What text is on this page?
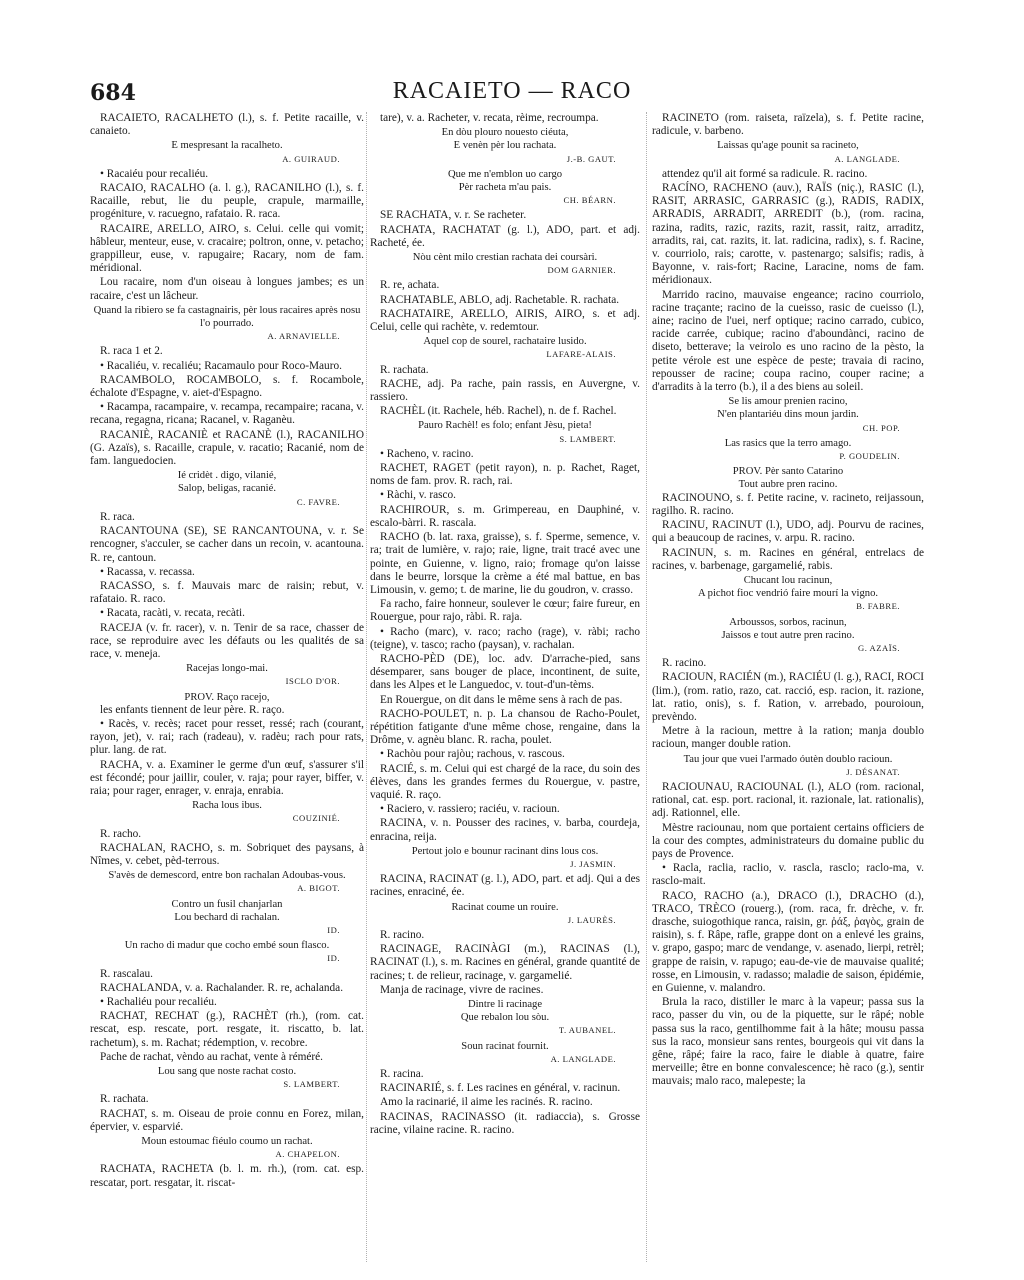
684	RACAIETO — RACO

RACAIETO, RACALHETO (l.), s. f. Petite racaille, v. canaieto.

E mespresant la racalheto.

A. GUIRAUD.

• Racaiéu pour recaliéu.

RACAIO, RACALHO (a. l. g.), RACANILHO (l.), s. f. Racaille, rebut, lie du peuple, crapule, marmaille, progéniture, v. racuegno, rafataio. R. raca.

RACAIRE, ARELLO, AIRO, s. Celui. celle qui vomit; hâbleur, menteur, euse, v. cracaire; poltron, onne, v. petacho; grappilleur, euse, v. rapugaire; Racary, nom de fam. méridional.

Lou racaire, nom d'un oiseau à longues jambes; es un racaire, c'est un lâcheur.

Quand la ribiero se fa castagnairis, pèr lous racaires après nosu l'o pourrado.

A. ARNAVIELLE.

R. raca 1 et 2.

• Racaliéu, v. recaliéu; Racamaulo pour Roco-Mauro.

RACAMBOLO, ROCAMBOLO, s. f. Rocambole, échalote d'Espagne, v. aiet-d'Espagno.

• Racampa, racampaire, v. recampa, recampaire; racana, v. recana, regagna, ricana; Racanel, v. Raganèu.

RACANIÈ, RACANIÈ et RACANÈ (l.), RACANILHO (G. Azaïs), s. Racaille, crapule, v. racatio; Racanié, nom de fam. languedocien.

Ié cridèt . digo, vilanié,

Salop, beligas, racanié.

C. FAVRE.

R. raca.

RACANTOUNA (SE), SE RANCANTOUNA, v. r. Se rencogner, s'acculer, se cacher dans un recoin, v. acantouna. R. re, cantoun.

• Racassa, v. recassa.

RACASSO, s. f. Mauvais marc de raisin; rebut, v. rafataio. R. raco.

• Racata, racàti, v. recata, recàti.

RACEJA (v. fr. racer), v. n. Tenir de sa race, chasser de race, se reproduire avec les défauts ou les qualités de sa race, v. meneja.

Racejas longo-mai.

ISCLO D'OR.

PROV. Raço racejo,

les enfants tiennent de leur père. R. raço.

• Racès, v. recès; racet pour resset, ressé; rach (courant, rayon, jet), v. rai; rach (radeau), v. radèu; rach pour rats, plur. lang. de rat.

RACHA, v. a. Examiner le germe d'un œuf, s'assurer s'il est fécondé; pour jaillir, couler, v. raja; pour rayer, biffer, v. raia; pour rager, enrager, v. enraja, enrabia.

Racha lous ibus.

COUZINIÉ.

R. racho.

RACHALAN, RACHO, s. m. Sobriquet des paysans, à Nîmes, v. cebet, pèd-terrous.

S'avès de demescord, entre bon rachalan Adoubas-vous.

A. BIGOT.

Contro un fusil chanjarlan

Lou bechard di rachalan.

ID.

Un racho di madur que cocho embé soun flasco.

ID.

R. rascalau.

RACHALANDA, v. a. Rachalander. R. re, achalanda.

• Rachaliéu pour recaliéu.

RACHAT, RECHAT (g.), RACHÈT (rh.), (rom. cat. rescat, esp. rescate, port. resgate, it. riscatto, b. lat. rachetum), s. m. Rachat; rédemption, v. recobre.

Pache de rachat, vèndo au rachat, vente à réméré.

Lou sang que noste rachat costo.

S. LAMBERT.

R. rachata.

RACHAT, s. m. Oiseau de proie connu en Forez, milan, épervier, v. esparvié.

Moun estoumac fiéulo coumo un rachat.

A. CHAPELON.

RACHATA, RACHETA (b. l. m. rh.), (rom. cat. esp. rescatar, port. resgatar, it. riscat-

tare), v. a. Racheter, v. recata, rèime, recroumpa.

En dòu plouro nouesto ciéuta,

E venèn pèr lou rachata.

J.-B. GAUT.

Que me n'emblon uo cargo

Pèr racheta m'au pais.

CH. BÉARN.

SE RACHATA, v. r. Se racheter.

RACHATA, RACHATAT (g. l.), ADO, part. et adj. Racheté, ée.

Nòu cènt milo crestian rachata dei coursàri.

DOM GARNIER.

R. re, achata.

RACHATABLE, ABLO, adj. Rachetable. R. rachata.

RACHATAIRE, ARELLO, AIRIS, AIRO, s. et adj. Celui, celle qui rachète, v. redemtour.

Aquel cop de sourel, rachataire lusido.

LAFARE-ALAIS.

R. rachata.

RACHE, adj. Pa rache, pain rassis, en Auvergne, v. rassiero.

RACHÈL (it. Rachele, héb. Rachel), n. de f. Rachel.

Pauro Rachèl! es folo; enfant Jèsu, pieta!

S. LAMBERT.

• Racheno, v. racino.

RACHET, RAGET (petit rayon), n. p. Rachet, Raget, noms de fam. prov. R. rach, rai.

• Ràchi, v. rasco.

RACHIROUR, s. m. Grimpereau, en Dauphiné, v. escalo-bàrri. R. rascala.

RACHO (b. lat. raxa, graisse), s. f. Sperme, semence, v. ra; trait de lumière, v. rajo; raie, ligne, trait tracé avec une pointe, en Guienne, v. ligno, raio; fromage qu'on laisse dans le beurre, lorsque la crème a été mal battue, en bas Limousin, v. gemo; t. de marine, lie du goudron, v. crasso.

Fa racho, faire honneur, soulever le cœur; faire fureur, en Rouergue, pour rajo, ràbi. R. raja.

• Racho (marc), v. raco; racho (rage), v. ràbi; racho (teigne), v. tasco; racho (paysan), v. rachalan.

RACHO-PÈD (DE), loc. adv. D'arrache-pied, sans désemparer, sans bouger de place, incontinent, de suite, dans les Alpes et le Languedoc, v. tout-d'un-tèms.

En Rouergue, on dit dans le même sens à rach de pas.

RACHO-POULET, n. p. La chansou de Racho-Poulet, répétition fatigante d'une même chose, rengaine, dans la Drôme, v. agnèu blanc. R. racha, poulet.

• Rachòu pour rajòu; rachous, v. rascous.

RACIÉ, s. m. Celui qui est chargé de la race, du soin des élèves, dans les grandes fermes du Rouergue, v. pastre, vaquié. R. raço.

• Raciero, v. rassiero; raciéu, v. racioun.

RACINA, v. n. Pousser des racines, v. barba, courdeja, enracina, reija.

Pertout jolo e bounur racinant dins lous cos.

J. JASMIN.

RACINA, RACINAT (g. l.), ADO, part. et adj. Qui a des racines, enraciné, ée.

Racinat coume un rouire.

J. LAURÈS.

R. racino.

RACINAGE, RACINÀGI (m.), RACINAS (l.), RACINAT (l.), s. m. Racines en général, grande quantité de racines; t. de relieur, racinage, v. gargamelié.

Manja de racinage, vivre de racines.

Dintre li racinage

Que rebalon lou sòu.

T. AUBANEL.

Soun racinat fournit.

A. LANGLADE.

R. racina.

RACINARIÉ, s. f. Les racines en général, v. racinun.

Amo la racinarié, il aime les racinés. R. racino.

RACINAS, RACINASSO (it. radiaccia), s. Grosse racine, vilaine racine. R. racino.

RACINETO (rom. raiseta, raïzela), s. f. Petite racine, radicule, v. barbeno.

Laissas qu'age pounit sa racineto,

A. LANGLADE.

attendez qu'il ait formé sa radicule. R. racino.

RACÍNO, RACHENO (auv.), RAÏS (niç.), RASIC (l.), RASIT, ARRASIC, GARRASIC (g.), RADIS, RADIX, ARRADIS, ARRADIT, ARREDIT (b.), (rom. racina, razina, radits, razic, razits, razit, rassit, raitz, arraditz, arradits, rai, cat. razits, it. lat. radicina, radix), s. f. Racine, v. courriolo, rais; carotte, v. pastenargo; salsifis; radis, à Bayonne, v. rais-fort; Racine, Laracine, noms de fam. méridionaux.

Marrido racino, mauvaise engeance; racino courriolo, racine traçante; racino de la cueisso, rasic de cueisso (l.), aine; racino de l'uei, nerf optique; racino carrado, cubico, racide carrée, cubique; racino d'aboundànci, racino de diseto, betterave; la veirolo es uno racino de la pèsto, la petite vérole est une espèce de peste; travaia di racino, repousser de racine; coupa racino, couper racine; a d'arradits à la terro (b.), il a des biens au soleil.

Se lis amour prenien racino,

N'en plantariéu dins moun jardin.

CH. POP.

Las rasics que la terro amago.

P. GOUDELIN.

PROV. Pèr santo Catarino

Tout aubre pren racino.

RACINOUNO, s. f. Petite racine, v. racineto, reijassoun, ragilho. R. racino.

RACINU, RACINUT (l.), UDO, adj. Pourvu de racines, qui a beaucoup de racines, v. arpu. R. racino.

RACINUN, s. m. Racines en général, entrelacs de racines, v. barbenage, gargamelié, rabis.

Chucant lou racinun,

A pichot fioc vendrió faire mourí la vigno.

B. FABRE.

Arboussos, sorbos, racinun,

Jaissos e tout autre pren racino.

G. AZAÏS.

R. racino.

RACIOUN, RACIÉN (m.), RACIÉU (l. g.), RACI, ROCI (lim.), (rom. ratio, razo, cat. racció, esp. racion, it. razione, lat. ratio, onis), s. f. Ration, v. arrebado, pouroioun, prevèndo.

Metre à la racioun, mettre à la ration; manja doublo racioun, manger double ration.

Tau jour que vuei l'armado óutèn doublo racioun.

J. DÉSANAT.

RACIOUNAU, RACIOUNAL (l.), ALO (rom. racional, rational, cat. esp. port. racional, it. razionale, lat. rationalis), adj. Rationnel, elle.

Mèstre raciounau, nom que portaient certains officiers de la cour des comptes, administrateurs du domaine public du pays de Provence.

• Racla, raclia, raclio, v. rascla, rasclo; raclo-ma, v. rasclo-mait.

RACO, RACHO (a.), DRACO (l.), DRACHO (d.), TRACO, TRÈCO (rouerg.), (rom. raca, fr. drèche, v. fr. drasche, suiogothique ranca, raisin, gr. ῥάξ, ῥαγὸς, grain de raisin), s. f. Râpe, rafle, grappe dont on a enlevé les grains, v. grapo, gaspo; marc de vendange, v. asenado, lierpi, retrèl; grappe de raisin, v. rapugo; eau-de-vie de mauvaise qualité; rosse, en Limousin, v. radasso; maladie de saison, épidémie, en Guienne, v. malandro.

Brula la raco, distiller le marc à la vapeur; passa sus la raco, passer du vin, ou de la piquette, sur le râpé; noble passa sus la raco, gentilhomme fait à la hâte; mousu passa sus la raco, monsieur sans rentes, bourgeois qui vit dans la gêne, râpé; faire la raco, faire le diable à quatre, faire merveille; être en bonne convalescence; hè raco (g.), sentir mauvais; malo raco, malepeste; la
